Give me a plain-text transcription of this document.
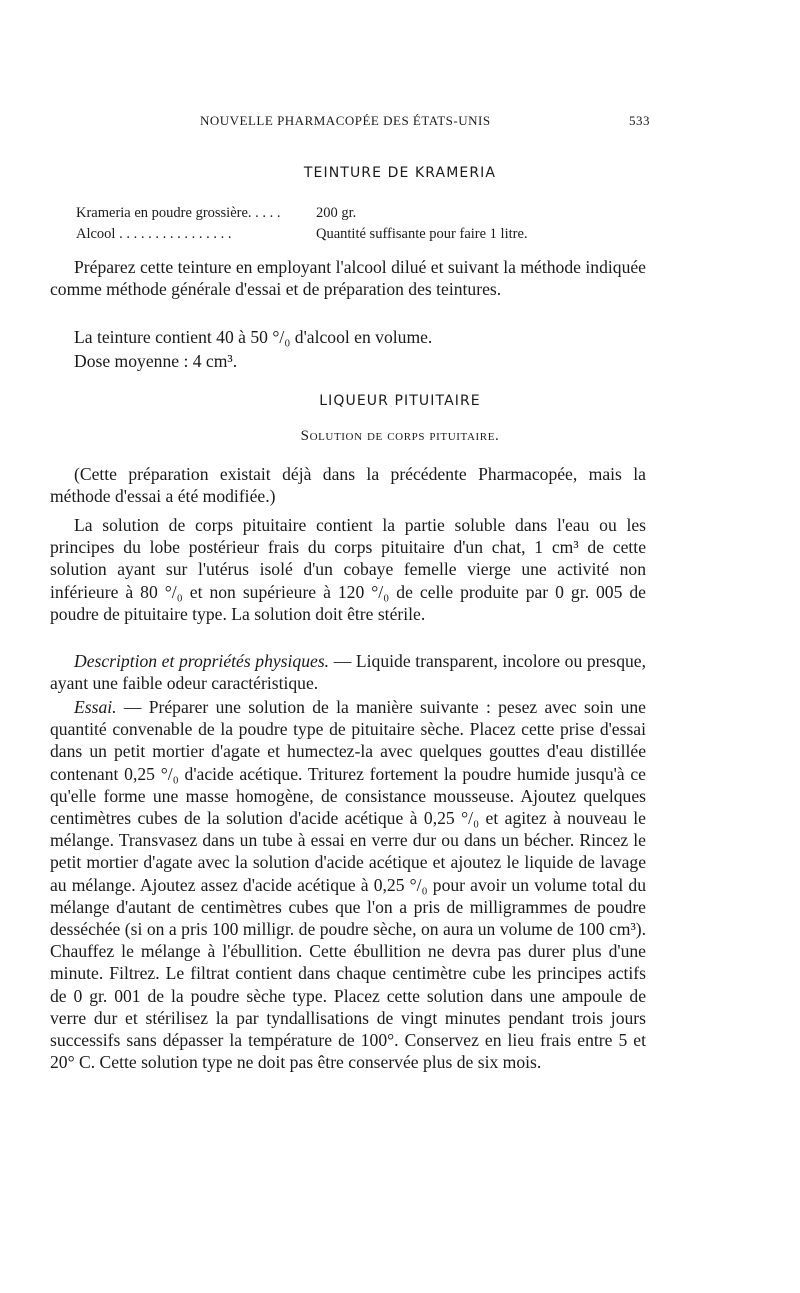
NOUVELLE PHARMACOPÉE DES ÉTATS-UNIS	533
TEINTURE DE KRAMERIA
Krameria en poudre grossière. . . . . 200 gr.
Alcool . . . . . . . . . . . . . . . .	Quantité suffisante pour faire 1 litre.

Préparez cette teinture en employant l'alcool dilué et suivant la méthode indiquée comme méthode générale d'essai et de préparation des teintures.

La teinture contient 40 à 50 °/₀ d'alcool en volume.

Dose moyenne : 4 cm³.

LIQUEUR PITUITAIRE
Solution de corps pituitaire.

(Cette préparation existait déjà dans la précédente Pharmacopée, mais la méthode d'essai a été modifiée.)

La solution de corps pituitaire contient la partie soluble dans l'eau ou les principes du lobe postérieur frais du corps pituitaire d'un chat, 1 cm³ de cette solution ayant sur l'utérus isolé d'un cobaye femelle vierge une activité non inférieure à 80 °/₀ et non supérieure à 120 °/₀ de celle produite par 0 gr. 005 de poudre de pituitaire type. La solution doit être stérile.

Description et propriétés physiques. — Liquide transparent, incolore ou presque, ayant une faible odeur caractéristique.

Essai. — Préparer une solution de la manière suivante : pesez avec soin une quantité convenable de la poudre type de pituitaire sèche. Placez cette prise d'essai dans un petit mortier d'agate et humectez-la avec quelques gouttes d'eau distillée contenant 0,25 °/₀ d'acide acétique. Triturez fortement la poudre humide jusqu'à ce qu'elle forme une masse homogène, de consistance mousseuse. Ajoutez quelques centimètres cubes de la solution d'acide acétique à 0,25 °/₀ et agitez à nouveau le mélange. Transvasez dans un tube à essai en verre dur ou dans un bécher. Rincez le petit mortier d'agate avec la solution d'acide acétique et ajoutez le liquide de lavage au mélange. Ajoutez assez d'acide acétique à 0,25 °/₀ pour avoir un volume total du mélange d'autant de centimètres cubes que l'on a pris de milligrammes de poudre desséchée (si on a pris 100 milligr. de poudre sèche, on aura un volume de 100 cm³). Chauffez le mélange à l'ébullition. Cette ébullition ne devra pas durer plus d'une minute. Filtrez. Le filtrat contient dans chaque centimètre cube les principes actifs de 0 gr. 001 de la poudre sèche type. Placez cette solution dans une ampoule de verre dur et stérilisez la par tyndallisations de vingt minutes pendant trois jours successifs sans dépasser la température de 100°. Conservez en lieu frais entre 5 et 20° C. Cette solution type ne doit pas être conservée plus de six mois.
